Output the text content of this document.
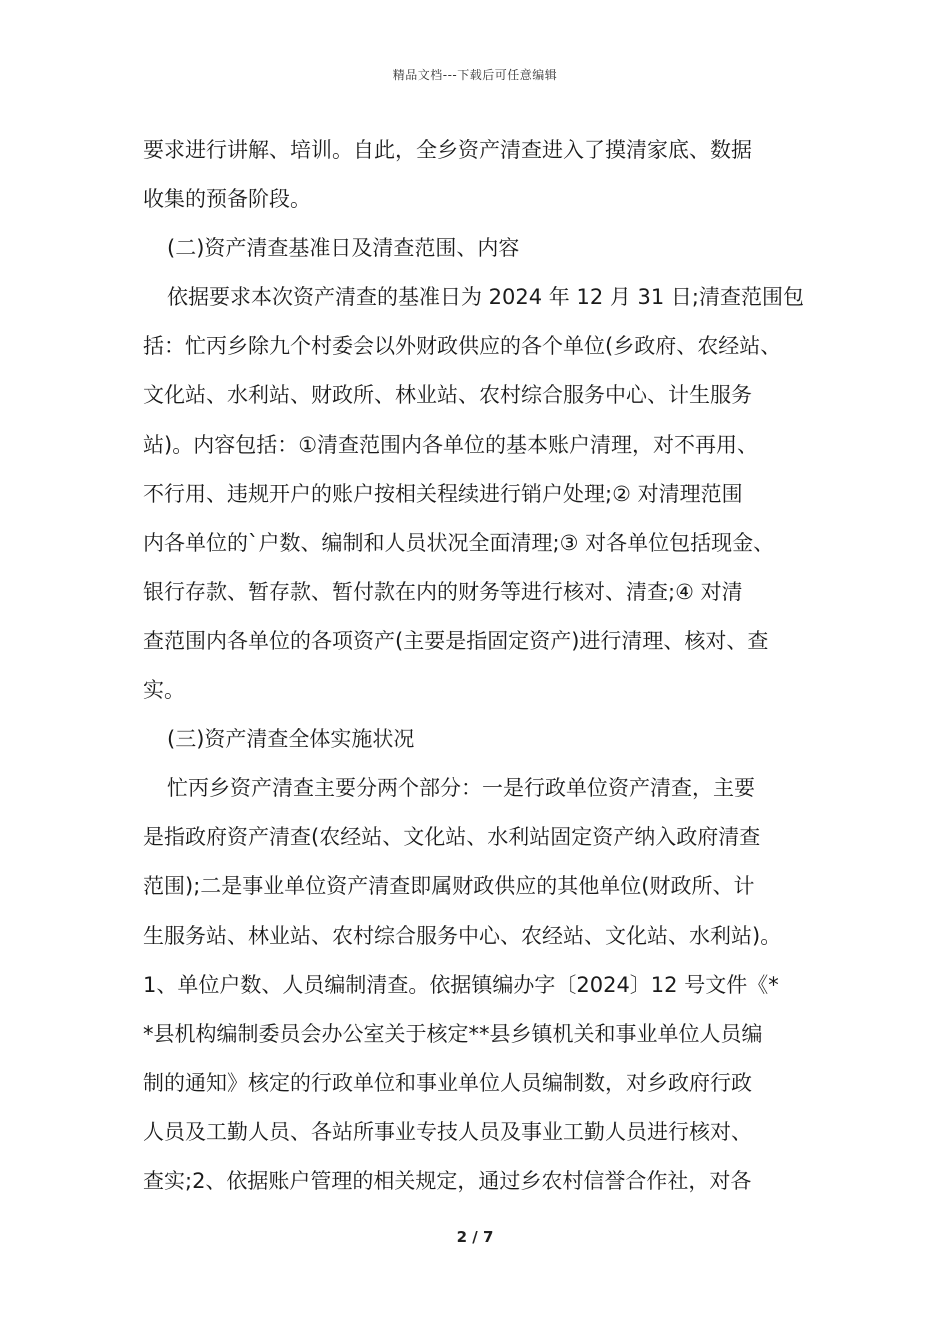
精品文档---下载后可任意编辑
要求进行讲解、培训。自此，全乡资产清查进入了摸清家底、数据
收集的预备阶段。
(二)资产清查基准日及清查范围、内容
依据要求本次资产清查的基准日为 2024 年 12 月 31 日;清查范围包
括：忙丙乡除九个村委会以外财政供应的各个单位(乡政府、农经站、
文化站、水利站、财政所、林业站、农村综合服务中心、计生服务
站)。内容包括：①清查范围内各单位的基本账户清理，对不再用、
不行用、违规开户的账户按相关程续进行销户处理;② 对清理范围
内各单位的`户数、编制和人员状况全面清理;③ 对各单位包括现金、
银行存款、暂存款、暂付款在内的财务等进行核对、清查;④ 对清
查范围内各单位的各项资产(主要是指固定资产)进行清理、核对、查
实。
(三)资产清查全体实施状况
忙丙乡资产清查主要分两个部分：一是行政单位资产清查，主要
是指政府资产清查(农经站、文化站、水利站固定资产纳入政府清查
范围);二是事业单位资产清查即属财政供应的其他单位(财政所、计
生服务站、林业站、农村综合服务中心、农经站、文化站、水利站)。
1、单位户数、人员编制清查。依据镇编办字〔2024〕12 号文件《*
*县机构编制委员会办公室关于核定**县乡镇机关和事业单位人员编
制的通知》核定的行政单位和事业单位人员编制数，对乡政府行政
人员及工勤人员、各站所事业专技人员及事业工勤人员进行核对、
查实;2、依据账户管理的相关规定，通过乡农村信誉合作社，对各
2 / 7
